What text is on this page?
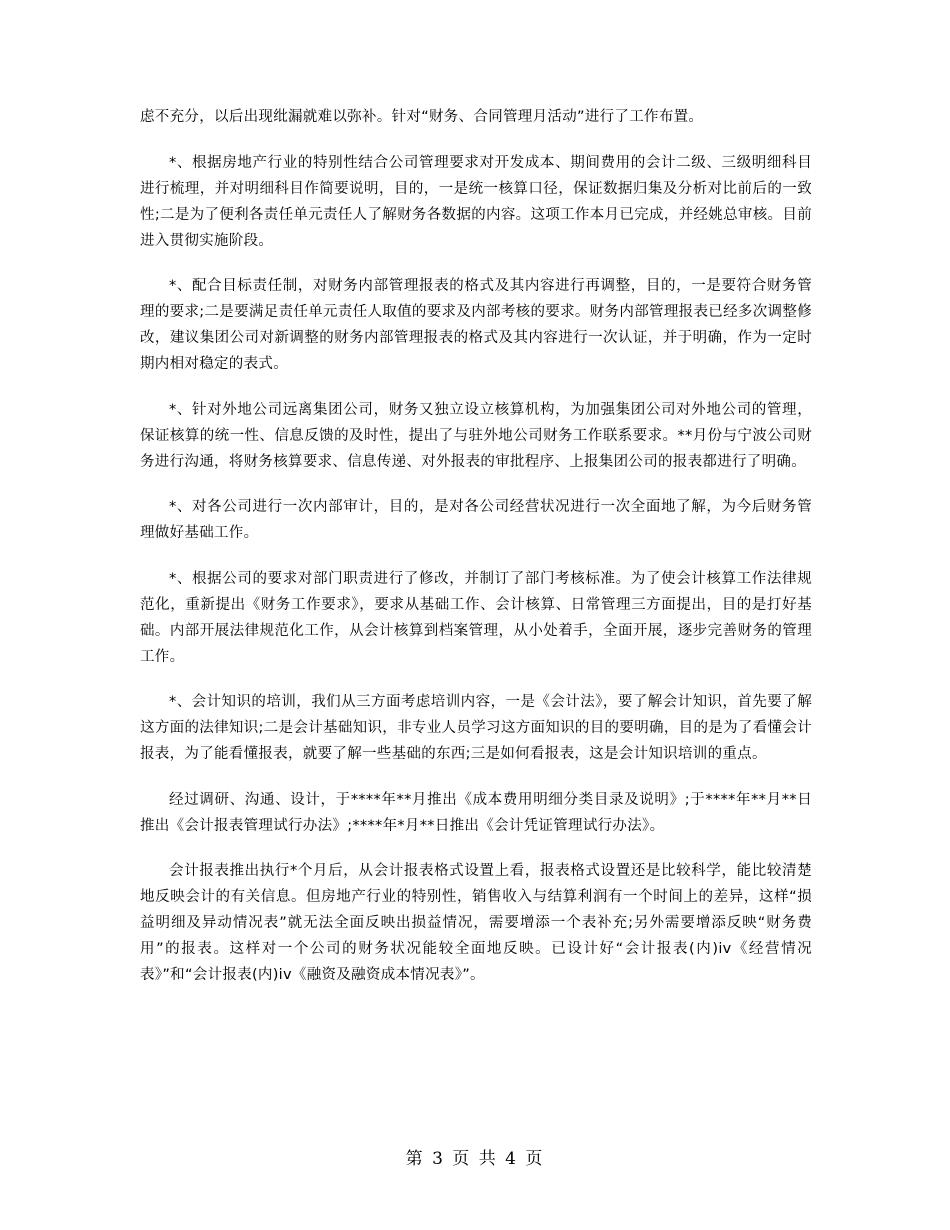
虑不充分，以后出现纰漏就难以弥补。针对“财务、合同管理月活动”进行了工作布置。

*、根据房地产行业的特别性结合公司管理要求对开发成本、期间费用的会计二级、三级明细科目进行梳理，并对明细科目作简要说明，目的，一是统一核算口径，保证数据归集及分析对比前后的一致性;二是为了便利各责任单元责任人了解财务各数据的内容。这项工作本月已完成，并经姚总审核。目前进入贯彻实施阶段。

*、配合目标责任制，对财务内部管理报表的格式及其内容进行再调整，目的，一是要符合财务管理的要求;二是要满足责任单元责任人取值的要求及内部考核的要求。财务内部管理报表已经多次调整修改，建议集团公司对新调整的财务内部管理报表的格式及其内容进行一次认证，并于明确，作为一定时期内相对稳定的表式。

*、针对外地公司远离集团公司，财务又独立设立核算机构，为加强集团公司对外地公司的管理，保证核算的统一性、信息反馈的及时性，提出了与驻外地公司财务工作联系要求。**月份与宁波公司财务进行沟通，将财务核算要求、信息传递、对外报表的审批程序、上报集团公司的报表都进行了明确。

*、对各公司进行一次内部审计，目的，是对各公司经营状况进行一次全面地了解，为今后财务管理做好基础工作。

*、根据公司的要求对部门职责进行了修改，并制订了部门考核标准。为了使会计核算工作法律规范化，重新提出《财务工作要求》，要求从基础工作、会计核算、日常管理三方面提出，目的是打好基础。内部开展法律规范化工作，从会计核算到档案管理，从小处着手，全面开展，逐步完善财务的管理工作。

*、会计知识的培训，我们从三方面考虑培训内容，一是《会计法》，要了解会计知识，首先要了解这方面的法律知识;二是会计基础知识，非专业人员学习这方面知识的目的要明确，目的是为了看懂会计报表，为了能看懂报表，就要了解一些基础的东西;三是如何看报表，这是会计知识培训的重点。

经过调研、沟通、设计，于****年**月推出《成本费用明细分类目录及说明》;于****年**月**日推出《会计报表管理试行办法》;****年*月**日推出《会计凭证管理试行办法》。

会计报表推出执行*个月后，从会计报表格式设置上看，报表格式设置还是比较科学，能比较清楚地反映会计的有关信息。但房地产行业的特别性，销售收入与结算利润有一个时间上的差异，这样“损益明细及异动情况表”就无法全面反映出损益情况，需要增添一个表补充;另外需要增添反映“财务费用”的报表。这样对一个公司的财务状况能较全面地反映。已设计好“会计报表(内)iv《经营情况表》”和“会计报表(内)iv《融资及融资成本情况表》”。

第 3 页 共 4 页
